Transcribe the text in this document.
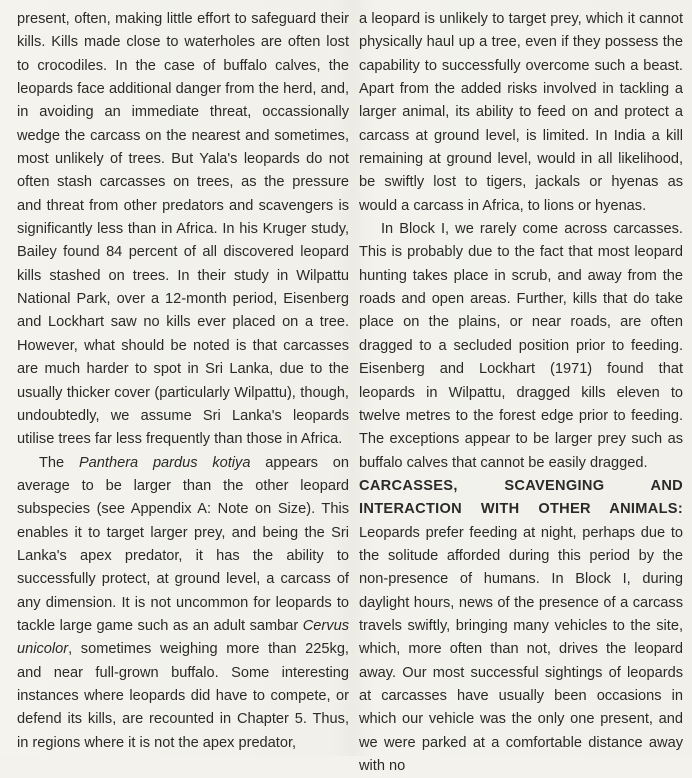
present, often, making little effort to safeguard their kills. Kills made close to waterholes are often lost to crocodiles. In the case of buffalo calves, the leopards face additional danger from the herd, and, in avoiding an immediate threat, occassionally wedge the carcass on the nearest and sometimes, most unlikely of trees. But Yala's leopards do not often stash carcasses on trees, as the pressure and threat from other predators and scavengers is significantly less than in Africa. In his Kruger study, Bailey found 84 percent of all discovered leopard kills stashed on trees. In their study in Wilpattu National Park, over a 12-month period, Eisenberg and Lockhart saw no kills ever placed on a tree. However, what should be noted is that carcasses are much harder to spot in Sri Lanka, due to the usually thicker cover (particularly Wilpattu), though, undoubtedly, we assume Sri Lanka's leopards utilise trees far less frequently than those in Africa.

The Panthera pardus kotiya appears on average to be larger than the other leopard subspecies (see Appendix A: Note on Size). This enables it to target larger prey, and being the Sri Lanka's apex predator, it has the ability to successfully protect, at ground level, a carcass of any dimension. It is not uncommon for leopards to tackle large game such as an adult sambar Cervus unicolor, sometimes weighing more than 225kg, and near full-grown buffalo. Some interesting instances where leopards did have to compete, or defend its kills, are recounted in Chapter 5. Thus, in regions where it is not the apex predator,

a leopard is unlikely to target prey, which it cannot physically haul up a tree, even if they possess the capability to successfully overcome such a beast. Apart from the added risks involved in tackling a larger animal, its ability to feed on and protect a carcass at ground level, is limited. In India a kill remaining at ground level, would in all likelihood, be swiftly lost to tigers, jackals or hyenas as would a carcass in Africa, to lions or hyenas.

In Block I, we rarely come across carcasses. This is probably due to the fact that most leopard hunting takes place in scrub, and away from the roads and open areas. Further, kills that do take place on the plains, or near roads, are often dragged to a secluded position prior to feeding. Eisenberg and Lockhart (1971) found that leopards in Wilpattu, dragged kills eleven to twelve metres to the forest edge prior to feeding. The exceptions appear to be larger prey such as buffalo calves that cannot be easily dragged.

CARCASSES, SCAVENGING AND INTERACTION WITH OTHER ANIMALS: Leopards prefer feeding at night, perhaps due to the solitude afforded during this period by the non-presence of humans. In Block I, during daylight hours, news of the presence of a carcass travels swiftly, bringing many vehicles to the site, which, more often than not, drives the leopard away. Our most successful sightings of leopards at carcasses have usually been occasions in which our vehicle was the only one present, and we were parked at a comfortable distance away with no
